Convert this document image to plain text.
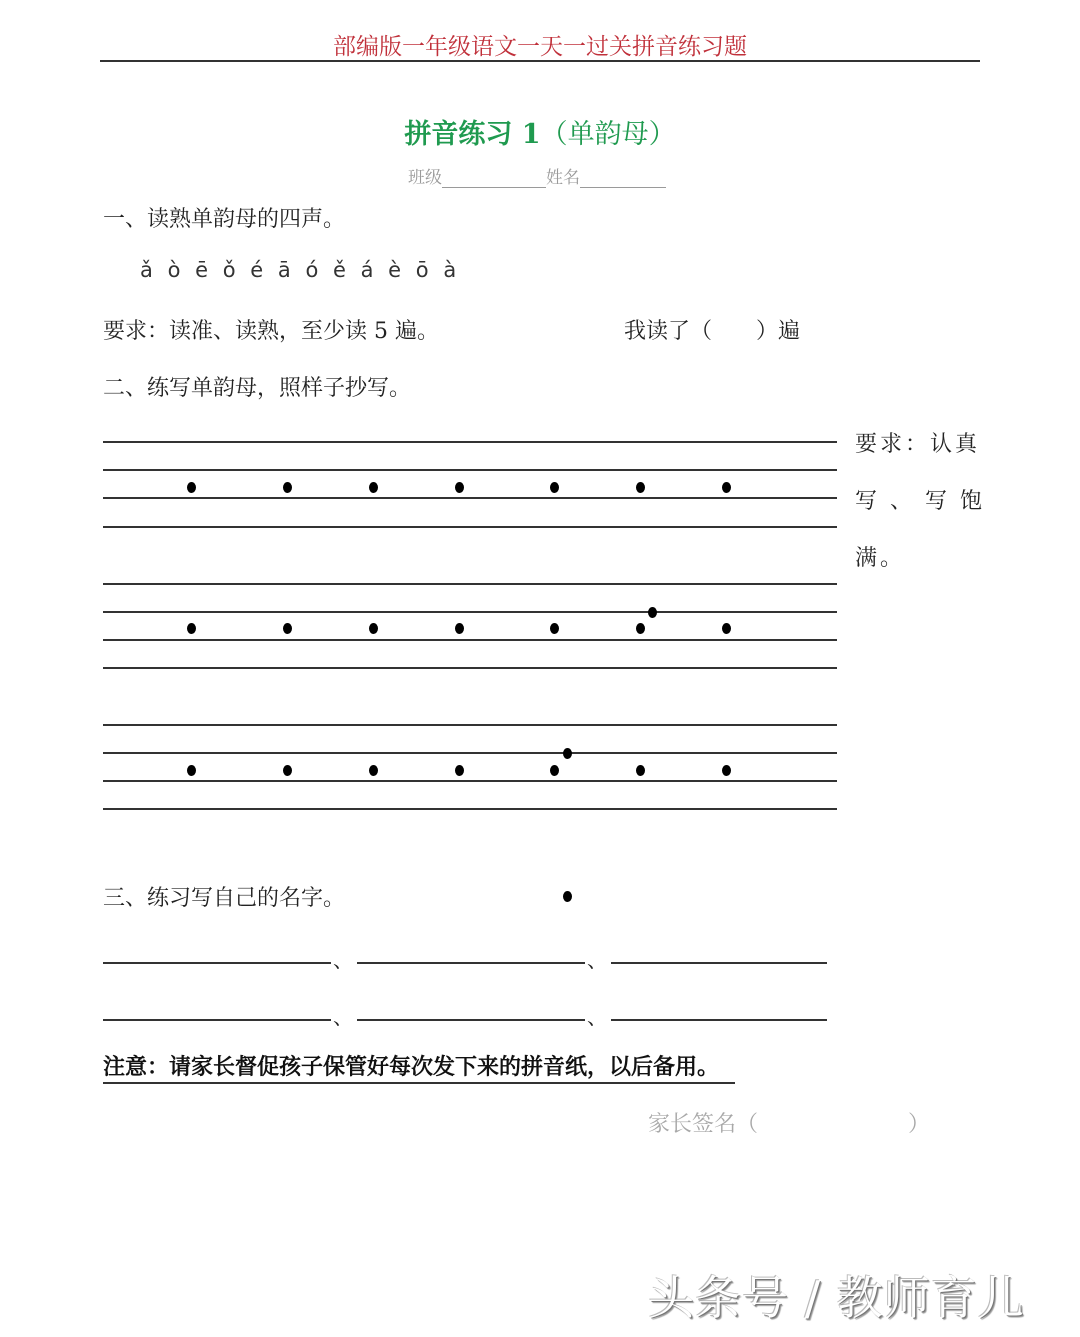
部编版一年级语文一天一过关拼音练习题
拼音练习 1（单韵母）
班级	姓名
一、读熟单韵母的四声。
ǎ ò ē ǒ é ā ó ě á è ō à
要求：读准、读熟，至少读 5 遍。	我读了（ ）遍
二、练写单韵母，照样子抄写。
要求：认真
写 、 写 饱
满。
三、练习写自己的名字。
、	、
、	、
注意：请家长督促孩子保管好每次发下来的拼音纸，以后备用。
家长签名（	）
头条号 / 教师育儿
